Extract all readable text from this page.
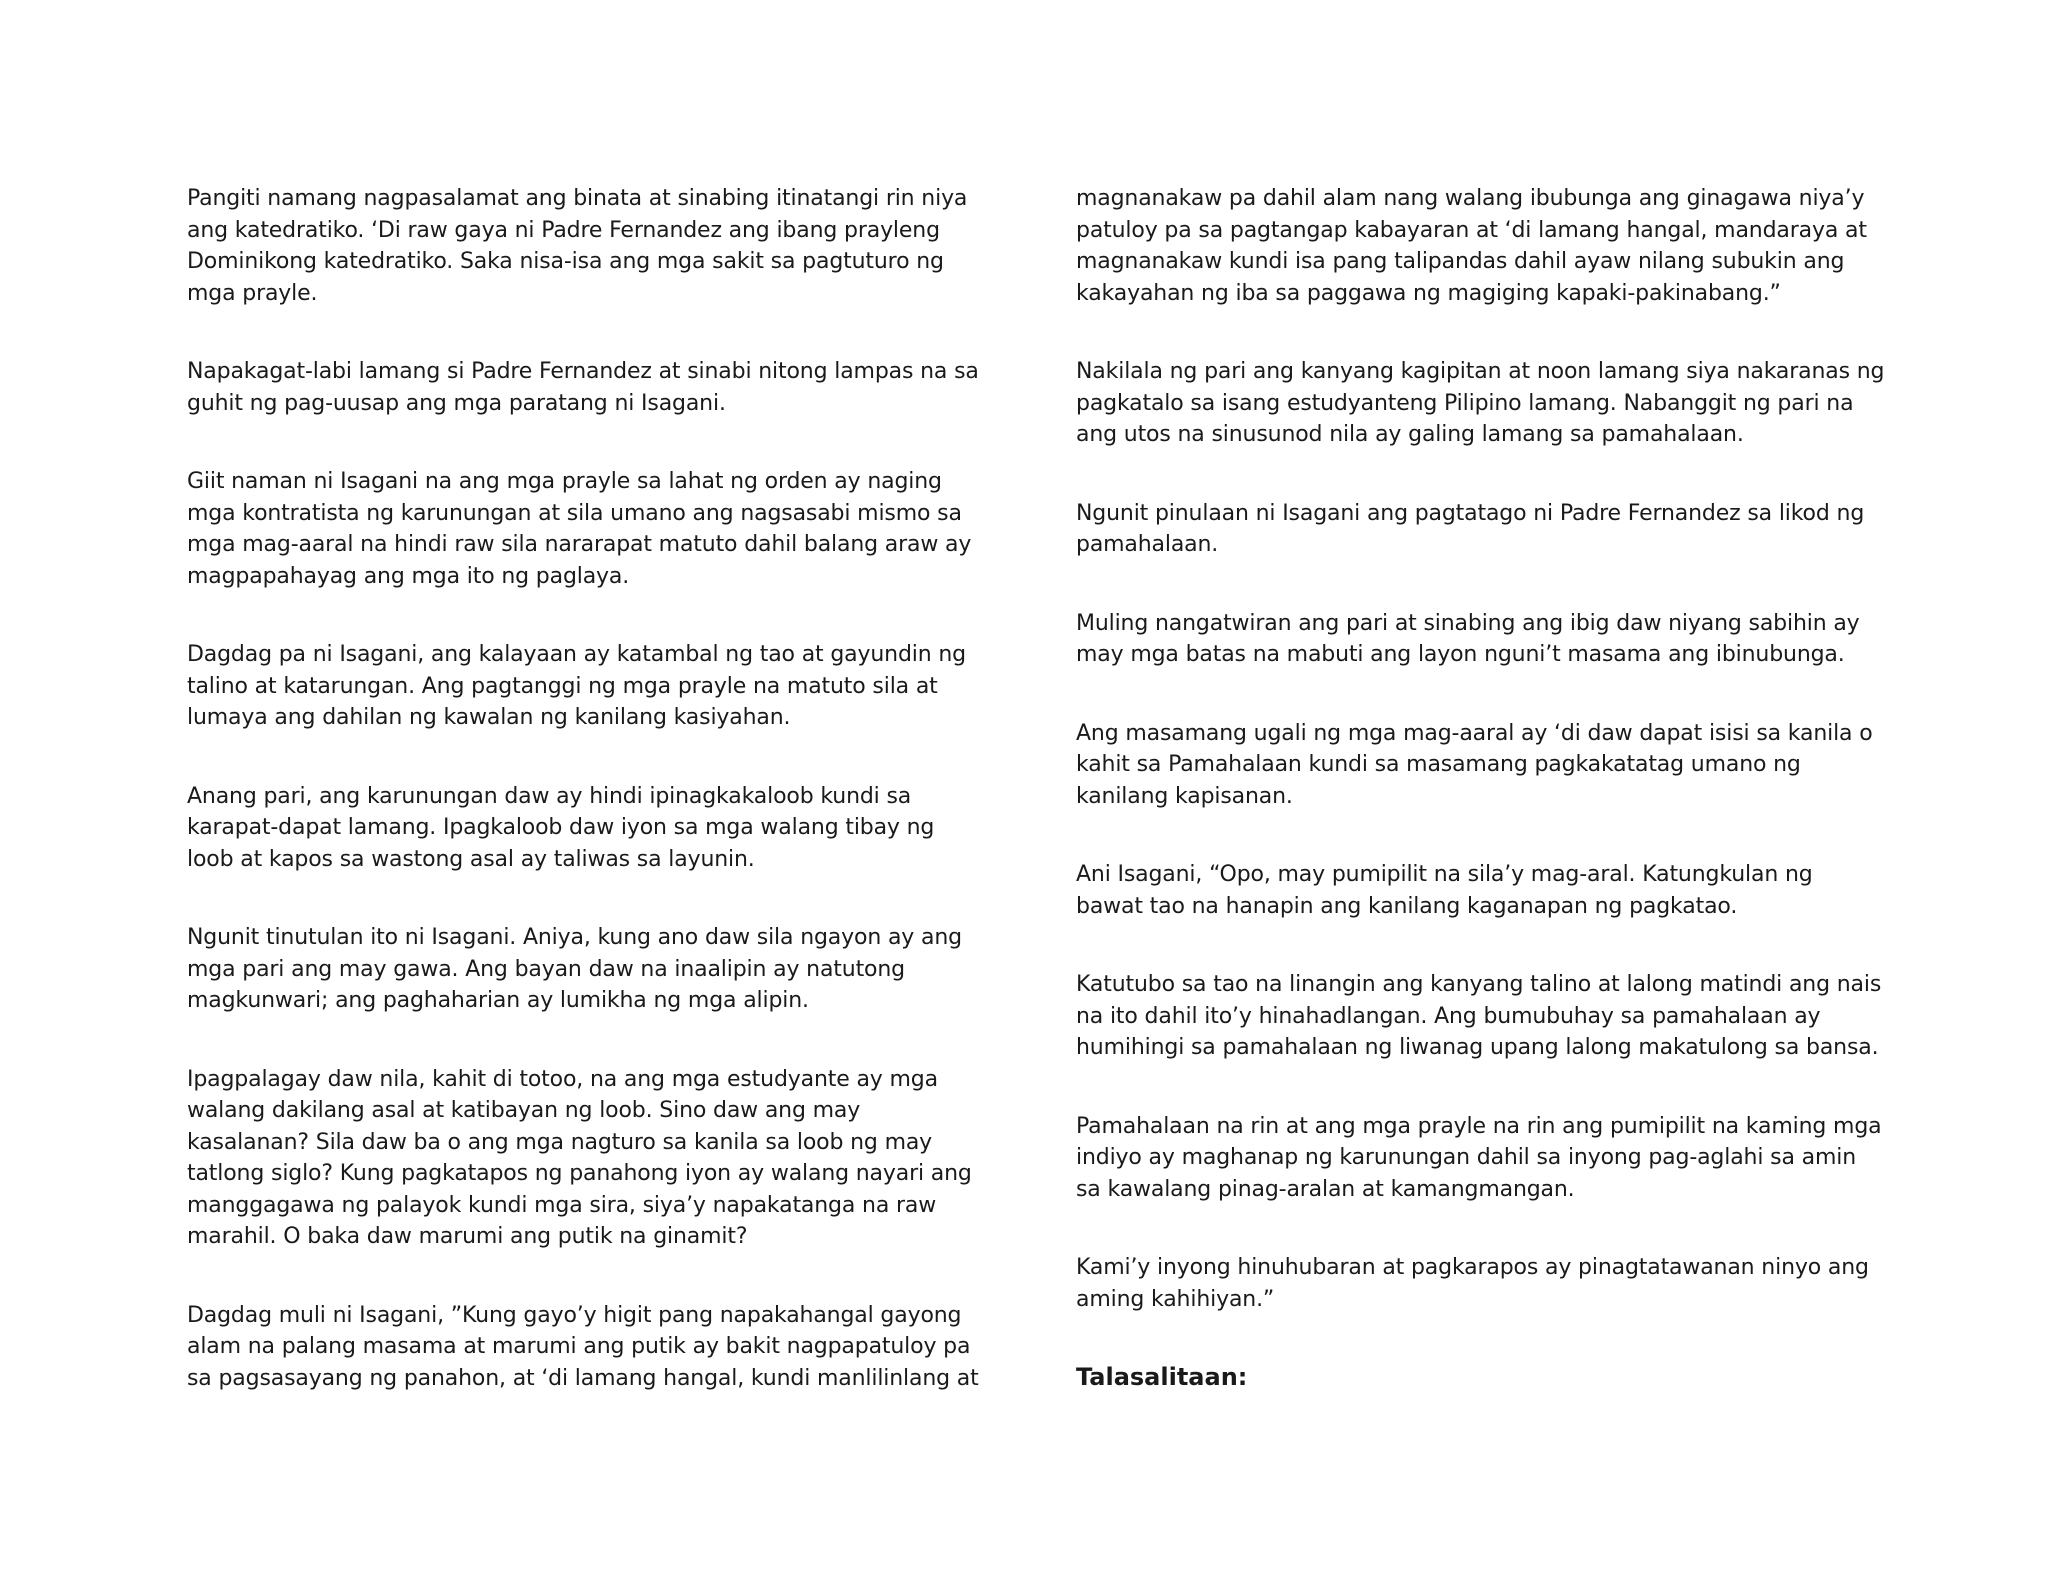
Pangiti namang nagpasalamat ang binata at sinabing itinatangi rin niya ang katedratiko. ‘Di raw gaya ni Padre Fernandez ang ibang prayleng Dominikong katedratiko. Saka nisa-isa ang mga sakit sa pagtuturo ng mga prayle.

Napakagat-labi lamang si Padre Fernandez at sinabi nitong lampas na sa guhit ng pag-uusap ang mga paratang ni Isagani.

Giit naman ni Isagani na ang mga prayle sa lahat ng orden ay naging mga kontratista ng karunungan at sila umano ang nagsasabi mismo sa mga mag-aaral na hindi raw sila nararapat matuto dahil balang araw ay magpapahayag ang mga ito ng paglaya.

Dagdag pa ni Isagani, ang kalayaan ay katambal ng tao at gayundin ng talino at katarungan. Ang pagtanggi ng mga prayle na matuto sila at lumaya ang dahilan ng kawalan ng kanilang kasiyahan.

Anang pari, ang karunungan daw ay hindi ipinagkakaloob kundi sa karapat-dapat lamang. Ipagkaloob daw iyon sa mga walang tibay ng loob at kapos sa wastong asal ay taliwas sa layunin.

Ngunit tinutulan ito ni Isagani. Aniya, kung ano daw sila ngayon ay ang mga pari ang may gawa. Ang bayan daw na inaalipin ay natutong magkunwari; ang paghaharian ay lumikha ng mga alipin.

Ipagpalagay daw nila, kahit di totoo, na ang mga estudyante ay mga walang dakilang asal at katibayan ng loob. Sino daw ang may kasalanan? Sila daw ba o ang mga nagturo sa kanila sa loob ng may tatlong siglo? Kung pagkatapos ng panahong iyon ay walang nayari ang manggagawa ng palayok kundi mga sira, siya’y napakatanga na raw marahil. O baka daw marumi ang putik na ginamit?

Dagdag muli ni Isagani, ”Kung gayo’y higit pang napakahangal gayong alam na palang masama at marumi ang putik ay bakit nagpapatuloy pa sa pagsasayang ng panahon, at ‘di lamang hangal, kundi manlilinlang at

magnanakaw pa dahil alam nang walang ibubunga ang ginagawa niya’y patuloy pa sa pagtangap kabayaran at ‘di lamang hangal, mandaraya at magnanakaw kundi isa pang talipandas dahil ayaw nilang subukin ang kakayahan ng iba sa paggawa ng magiging kapaki-pakinabang.”

Nakilala ng pari ang kanyang kagipitan at noon lamang siya nakaranas ng pagkatalo sa isang estudyanteng Pilipino lamang. Nabanggit ng pari na ang utos na sinusunod nila ay galing lamang sa pamahalaan.

Ngunit pinulaan ni Isagani ang pagtatago ni Padre Fernandez sa likod ng pamahalaan.

Muling nangatwiran ang pari at sinabing ang ibig daw niyang sabihin ay may mga batas na mabuti ang layon nguni’t masama ang ibinubunga.

Ang masamang ugali ng mga mag-aaral ay ‘di daw dapat isisi sa kanila o kahit sa Pamahalaan kundi sa masamang pagkakatatag umano ng kanilang kapisanan.

Ani Isagani, “Opo, may pumipilit na sila’y mag-aral. Katungkulan ng bawat tao na hanapin ang kanilang kaganapan ng pagkatao.

Katutubo sa tao na linangin ang kanyang talino at lalong matindi ang nais na ito dahil ito’y hinahadlangan. Ang bumubuhay sa pamahalaan ay humihingi sa pamahalaan ng liwanag upang lalong makatulong sa bansa.

Pamahalaan na rin at ang mga prayle na rin ang pumipilit na kaming mga indiyo ay maghanap ng karunungan dahil sa inyong pag-aglahi sa amin sa kawalang pinag-aralan at kamangmangan.

Kami’y inyong hinuhubaran at pagkarapos ay pinagtatawanan ninyo ang aming kahihiyan.”

Talasalitaan:
